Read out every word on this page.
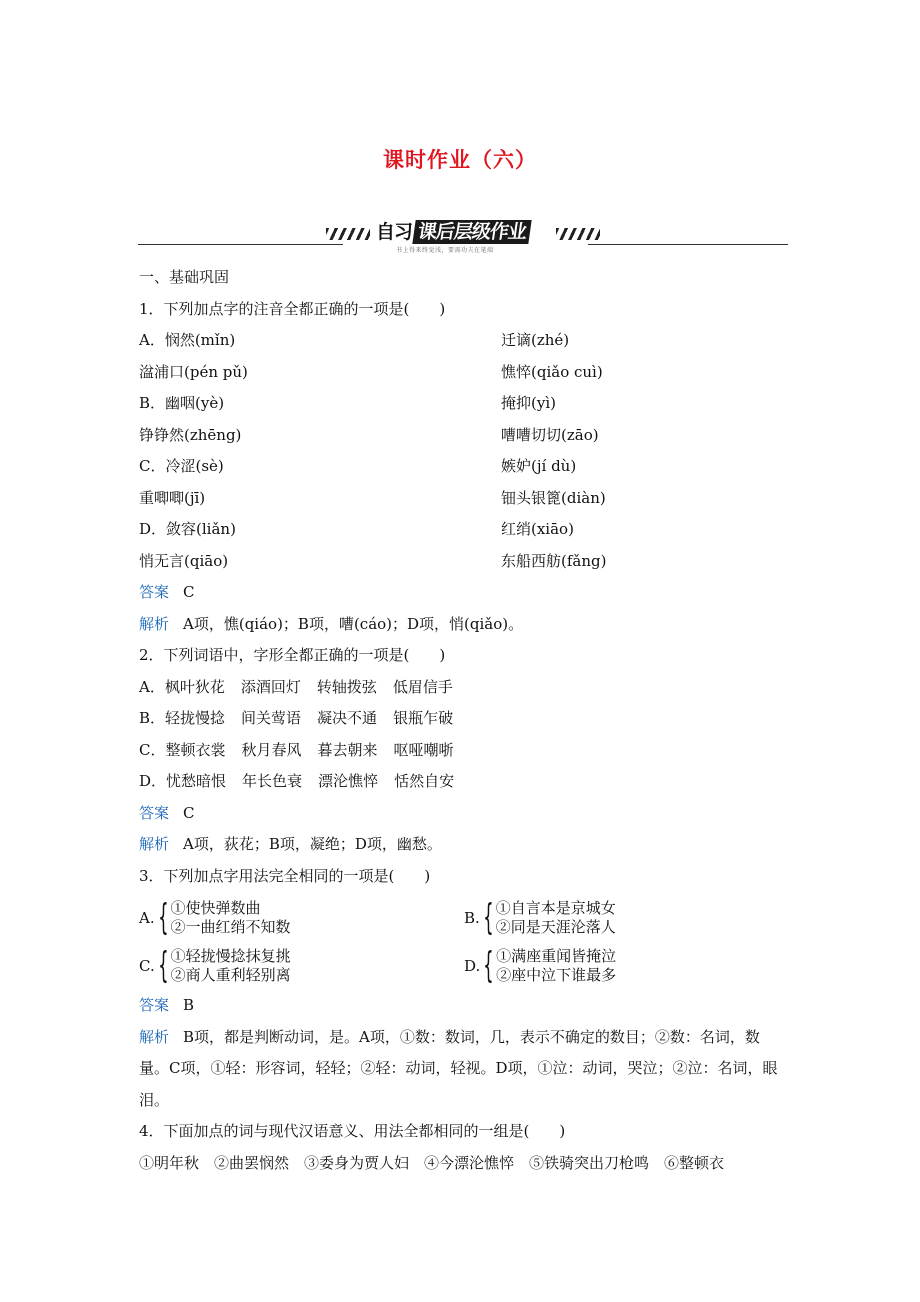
课时作业（六）
自习 课后层级作业
书上得来终觉浅，要需功夫在笔端
一、基础巩固
1．下列加点字的注音全都正确的一项是(　　)
A．悯然(mǐn)	迁谪(zhé)
湓浦口(pén pǔ)	憔悴(qiǎo cuì)
B．幽咽(yè)	掩抑(yì)
铮铮然(zhēng)	嘈嘈切切(zāo)
C．冷涩(sè)	嫉妒(jí dù)
重唧唧(jī)	钿头银篦(diàn)
D．敛容(liǎn)	红绡(xiāo)
悄无言(qiāo)	东船西舫(fǎng)
答案 C
解析 A项，憔(qiáo)；B项，嘈(cáo)；D项，悄(qiǎo)。
2．下列词语中，字形全都正确的一项是(　　)
A．枫叶狄花 添酒回灯 转轴拨弦 低眉信手
B．轻拢慢捻 间关莺语 凝决不通 银瓶乍破
C．整顿衣裳 秋月春风 暮去朝来 呕哑嘲哳
D．忧愁暗恨 年长色衰 漂沦憔悴 恬然自安
答案 C
解析 A项，荻花；B项，凝绝；D项，幽愁。
3．下列加点字用法完全相同的一项是(　　)
A. { ①使快弹数曲
②一曲红绡不知数	B. { ①自言本是京城女
②同是天涯沦落人
C. { ①轻拢慢捻抹复挑
②商人重利轻别离	D. { ①满座重闻皆掩泣
②座中泣下谁最多
答案 B
解析 B项，都是判断动词，是。A项，①数：数词，几，表示不确定的数目；②数：名词，数量。C项，①轻：形容词，轻轻；②轻：动词，轻视。D项，①泣：动词，哭泣；②泣：名词，眼泪。
4．下面加点的词与现代汉语意义、用法全都相同的一组是(　　)
①明年秋　②曲罢悯然　③委身为贾人妇　④今漂沦憔悴　⑤铁骑突出刀枪鸣　⑥整顿衣
